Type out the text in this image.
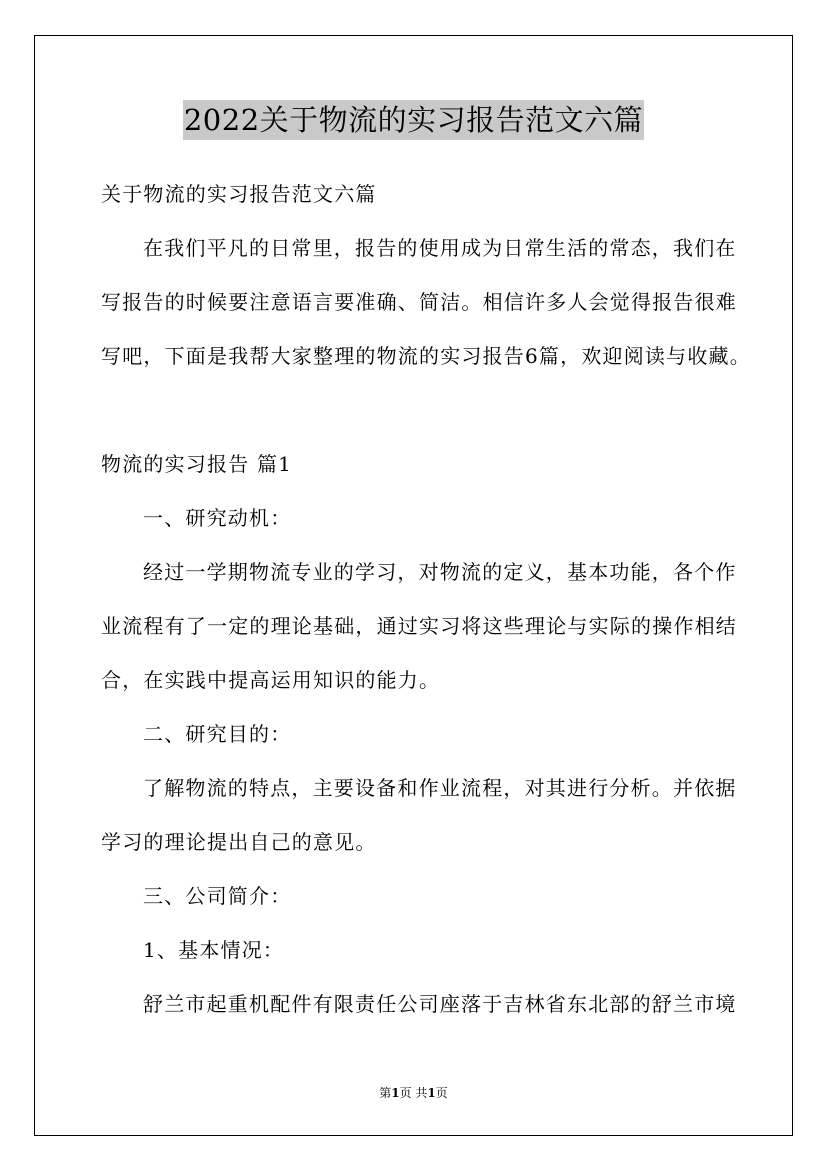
2022关于物流的实习报告范文六篇
关于物流的实习报告范文六篇
在我们平凡的日常里，报告的使用成为日常生活的常态，我们在
写报告的时候要注意语言要准确、简洁。相信许多人会觉得报告很难
写吧，下面是我帮大家整理的物流的实习报告6篇，欢迎阅读与收藏。
物流的实习报告 篇1
一、研究动机：
经过一学期物流专业的学习，对物流的定义，基本功能，各个作
业流程有了一定的理论基础，通过实习将这些理论与实际的操作相结
合，在实践中提高运用知识的能力。
二、研究目的：
了解物流的特点，主要设备和作业流程，对其进行分析。并依据
学习的理论提出自己的意见。
三、公司简介：
1、基本情况：
舒兰市起重机配件有限责任公司座落于吉林省东北部的舒兰市境
第1页 共1页
